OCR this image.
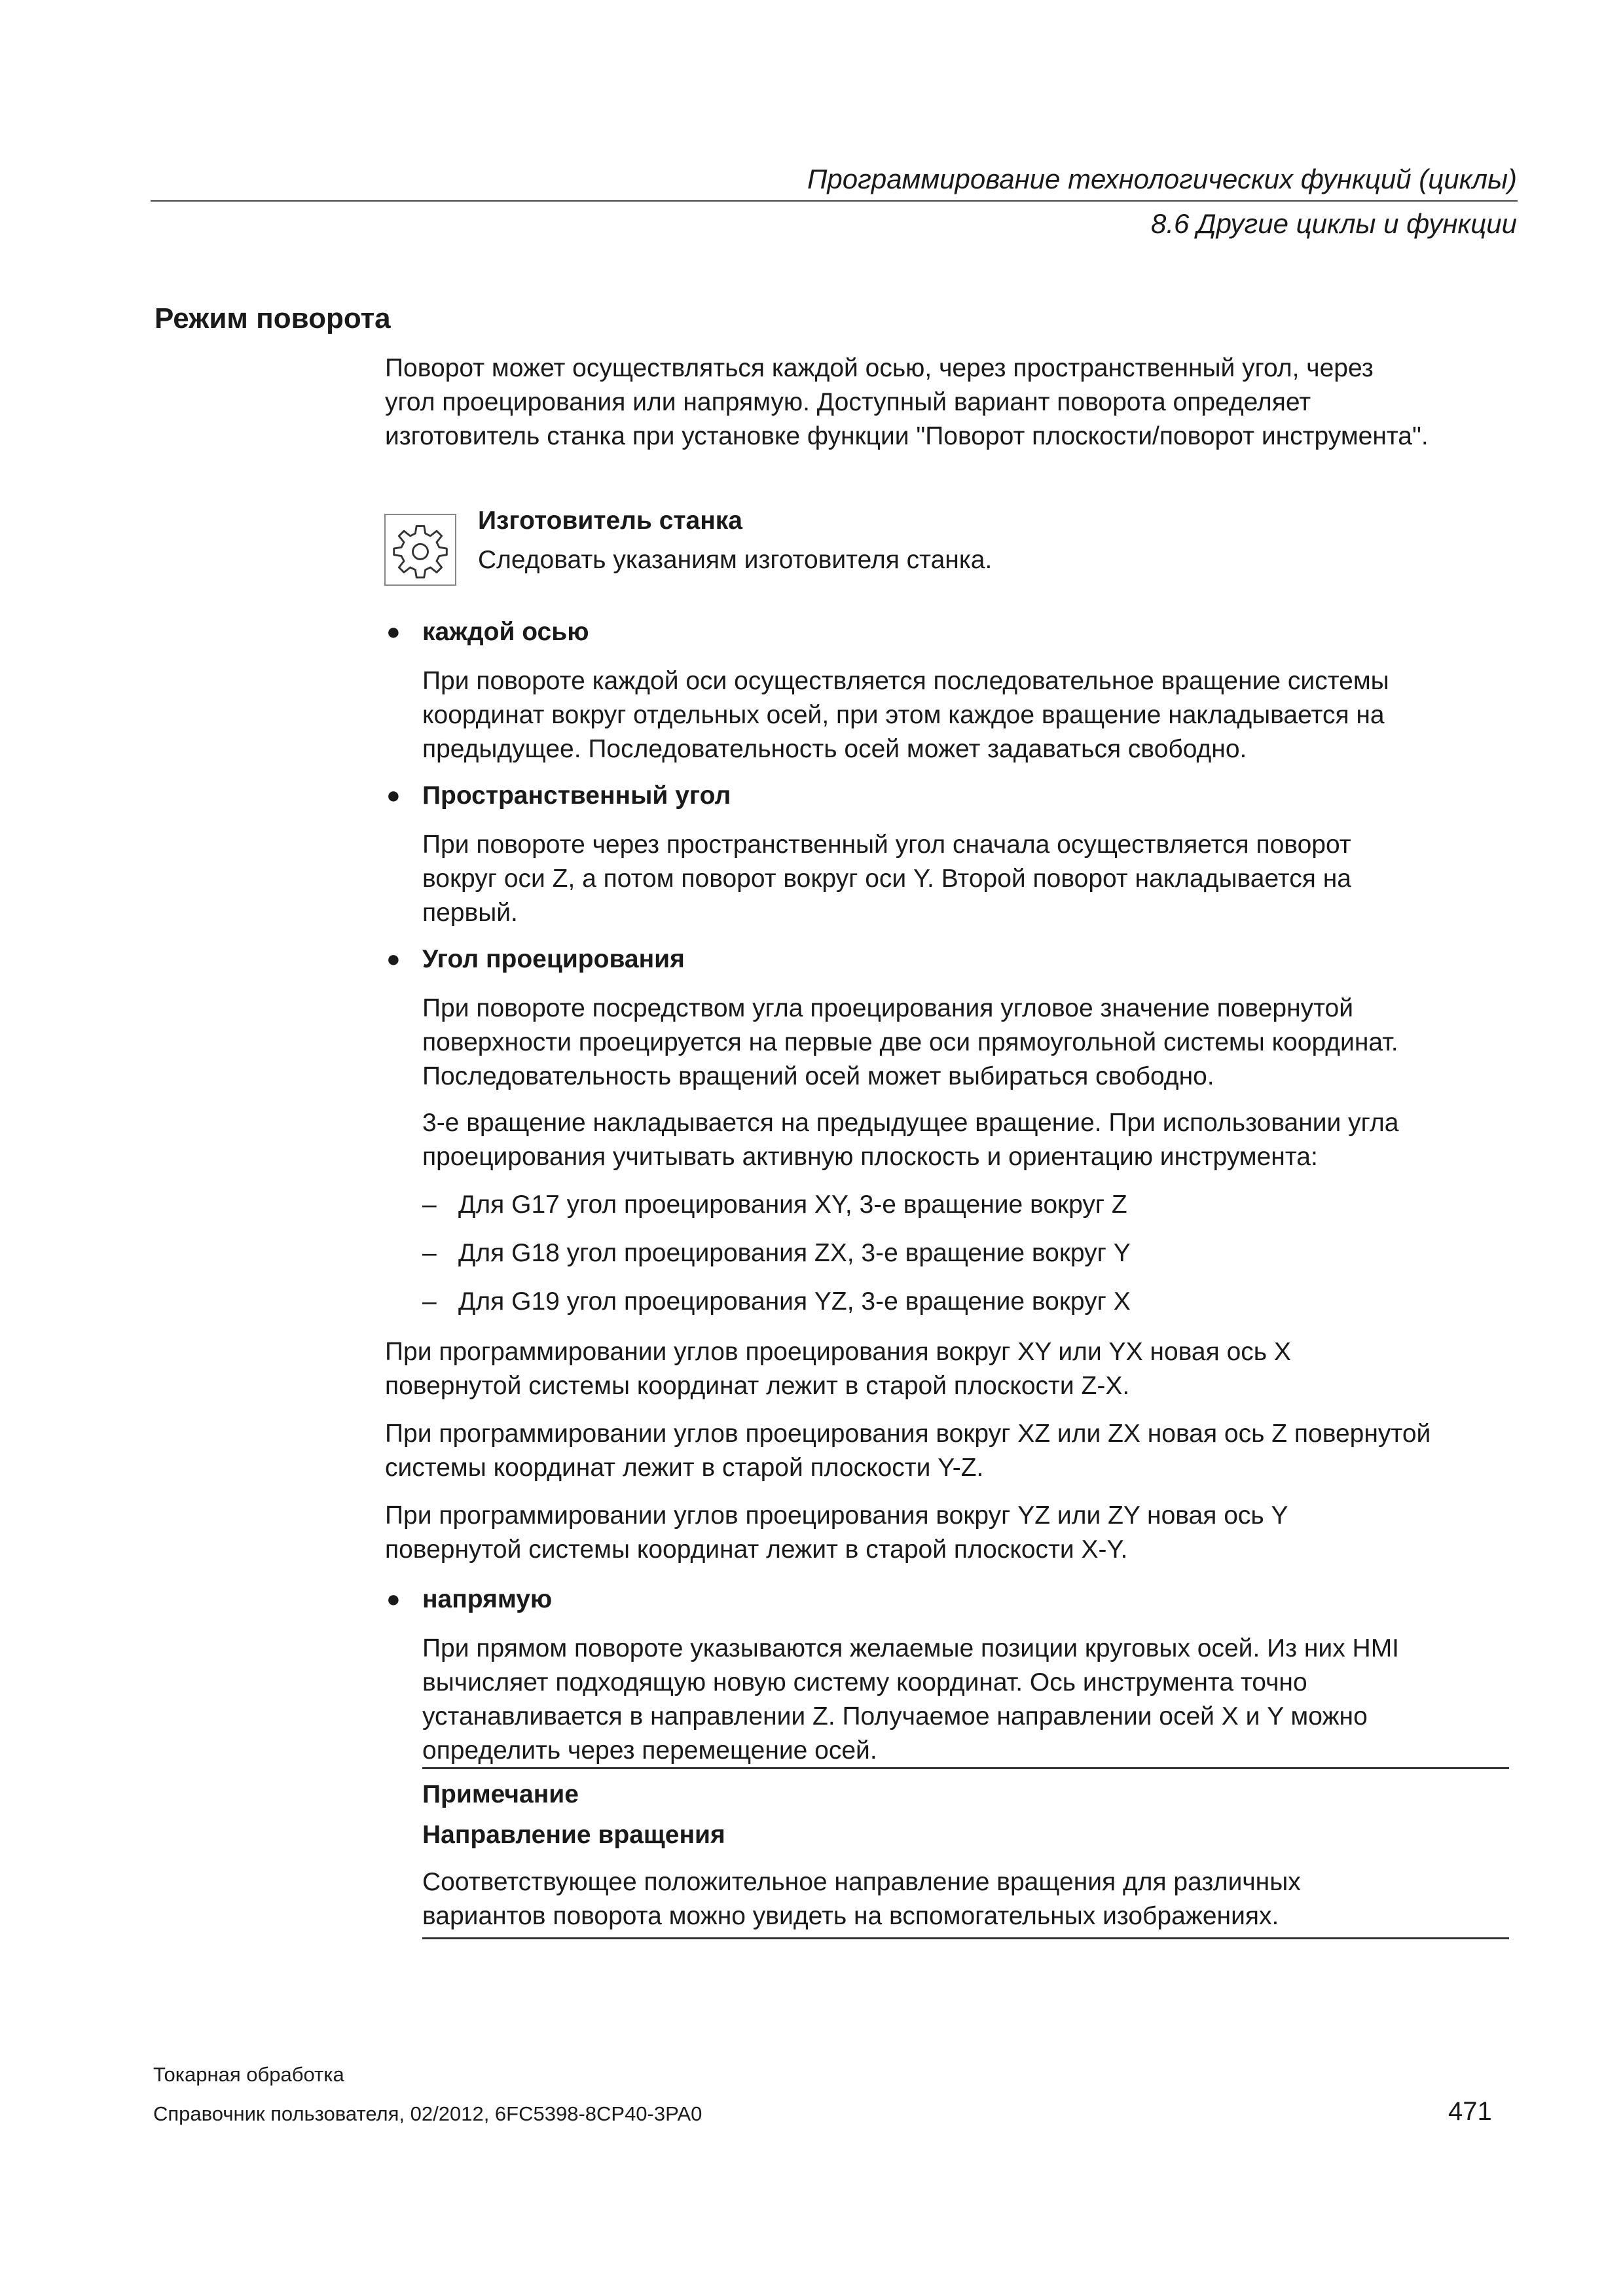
Программирование технологических функций (циклы)
8.6 Другие циклы и функции
Режим поворота
Поворот может осуществляться каждой осью, через пространственный угол, через
угол проецирования или напрямую. Доступный вариант поворота определяет
изготовитель станка при установке функции "Поворот плоскости/поворот инструмента".
Изготовитель станка
Следовать указаниям изготовителя станка.
● каждой осью
При повороте каждой оси осуществляется последовательное вращение системы
координат вокруг отдельных осей, при этом каждое вращение накладывается на
предыдущее. Последовательность осей может задаваться свободно.
● Пространственный угол
При повороте через пространственный угол сначала осуществляется поворот
вокруг оси Z, а потом поворот вокруг оси Y. Второй поворот накладывается на
первый.
● Угол проецирования
При повороте посредством угла проецирования угловое значение повернутой
поверхности проецируется на первые две оси прямоугольной системы координат.
Последовательность вращений осей может выбираться свободно.
3-е вращение накладывается на предыдущее вращение. При использовании угла
проецирования учитывать активную плоскость и ориентацию инструмента:
– Для G17 угол проецирования XY, 3-е вращение вокруг Z
– Для G18 угол проецирования ZX, 3-е вращение вокруг Y
– Для G19 угол проецирования YZ, 3-е вращение вокруг X
При программировании углов проецирования вокруг XY или YX новая ось X
повернутой системы координат лежит в старой плоскости Z-X.
При программировании углов проецирования вокруг XZ или ZX новая ось Z повернутой
системы координат лежит в старой плоскости Y-Z.
При программировании углов проецирования вокруг YZ или ZY новая ось Y
повернутой системы координат лежит в старой плоскости X-Y.
● напрямую
При прямом повороте указываются желаемые позиции круговых осей. Из них HMI
вычисляет подходящую новую систему координат. Ось инструмента точно
устанавливается в направлении Z. Получаемое направлении осей X и Y можно
определить через перемещение осей.
Примечание
Направление вращения
Соответствующее положительное направление вращения для различных
вариантов поворота можно увидеть на вспомогательных изображениях.
Токарная обработка
Справочник пользователя, 02/2012, 6FC5398-8CP40-3PA0	471
